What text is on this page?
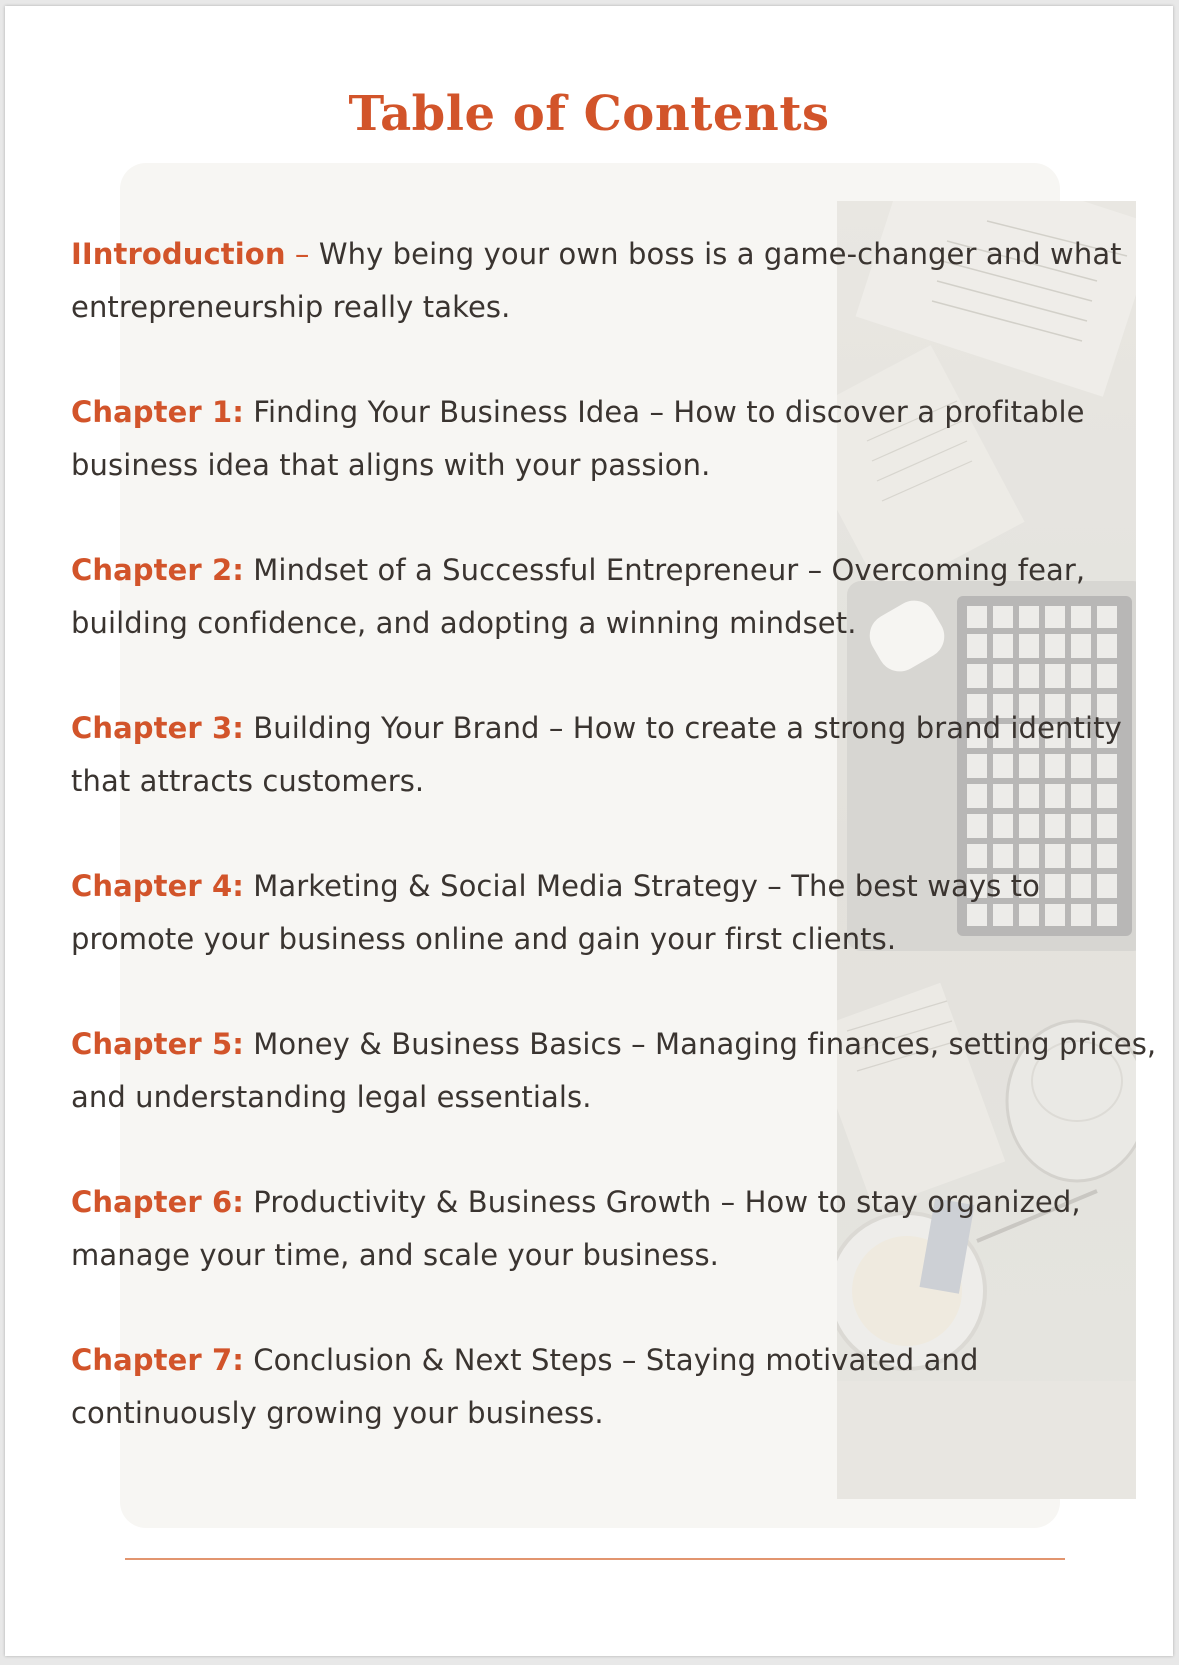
Table of Contents

IIntroduction – Why being your own boss is a game-changer and what entrepreneurship really takes.

Chapter 1: Finding Your Business Idea – How to discover a profitable business idea that aligns with your passion.

Chapter 2: Mindset of a Successful Entrepreneur – Overcoming fear, building confidence, and adopting a winning mindset.

Chapter 3: Building Your Brand – How to create a strong brand identity that attracts customers.

Chapter 4: Marketing & Social Media Strategy – The best ways to promote your business online and gain your first clients.

Chapter 5: Money & Business Basics – Managing finances, setting prices, and understanding legal essentials.

Chapter 6: Productivity & Business Growth – How to stay organized, manage your time, and scale your business.

Chapter 7: Conclusion & Next Steps – Staying motivated and continuously growing your business.
